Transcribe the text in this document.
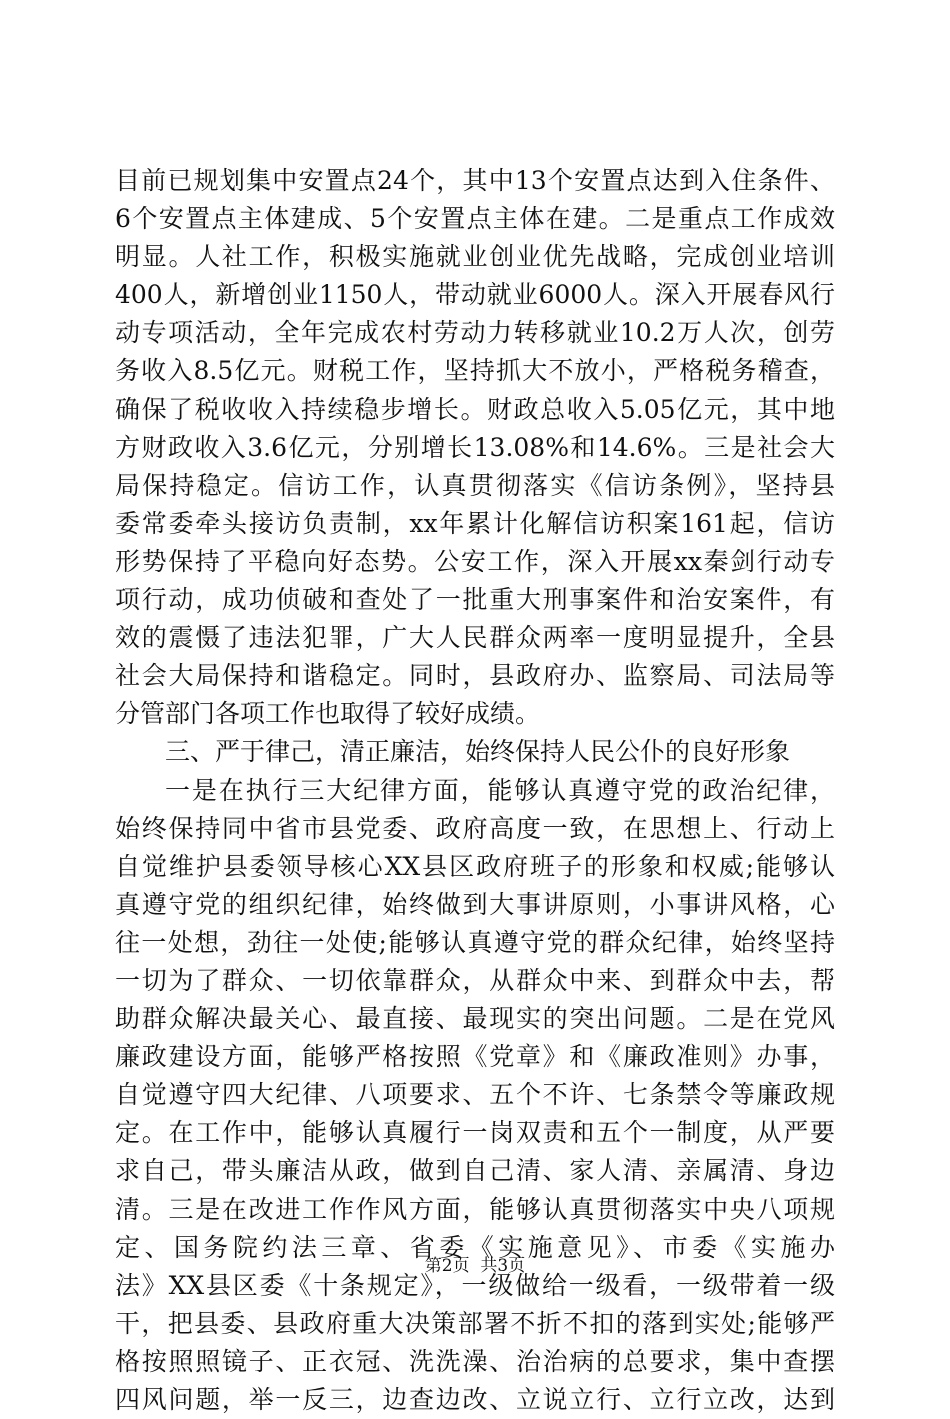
目前已规划集中安置点24个，其中13个安置点达到入住条件、
6个安置点主体建成、5个安置点主体在建。二是重点工作成效
明显。人社工作，积极实施就业创业优先战略，完成创业培训
400人，新增创业1150人，带动就业6000人。深入开展春风行
动专项活动，全年完成农村劳动力转移就业10.2万人次，创劳
务收入8.5亿元。财税工作，坚持抓大不放小，严格税务稽查，
确保了税收收入持续稳步增长。财政总收入5.05亿元，其中地
方财政收入3.6亿元，分别增长13.08%和14.6%。三是社会大
局保持稳定。信访工作，认真贯彻落实《信访条例》，坚持县
委常委牵头接访负责制，xx年累计化解信访积案161起，信访
形势保持了平稳向好态势。公安工作，深入开展xx秦剑行动专
项行动，成功侦破和查处了一批重大刑事案件和治安案件，有
效的震慑了违法犯罪，广大人民群众两率一度明显提升，全县
社会大局保持和谐稳定。同时，县政府办、监察局、司法局等
分管部门各项工作也取得了较好成绩。
三、严于律己，清正廉洁，始终保持人民公仆的良好形象
一是在执行三大纪律方面，能够认真遵守党的政治纪律，
始终保持同中省市县党委、政府高度一致，在思想上、行动上
自觉维护县委领导核心XX县区政府班子的形象和权威;能够认
真遵守党的组织纪律，始终做到大事讲原则，小事讲风格，心
往一处想，劲往一处使;能够认真遵守党的群众纪律，始终坚持
一切为了群众、一切依靠群众，从群众中来、到群众中去，帮
助群众解决最关心、最直接、最现实的突出问题。二是在党风
廉政建设方面，能够严格按照《党章》和《廉政准则》办事，
自觉遵守四大纪律、八项要求、五个不许、七条禁令等廉政规
定。在工作中，能够认真履行一岗双责和五个一制度，从严要
求自己，带头廉洁从政，做到自己清、家人清、亲属清、身边
清。三是在改进工作作风方面，能够认真贯彻落实中央八项规
定、国务院约法三章、省委《实施意见》、市委《实施办
法》XX县区委《十条规定》，一级做给一级看，一级带着一级
干，把县委、县政府重大决策部署不折不扣的落到实处;能够严
格按照照镜子、正衣冠、洗洗澡、治治病的总要求，集中查摆
四风问题，举一反三，边查边改、立说立行、立行立改，达到
第2页  共3页
